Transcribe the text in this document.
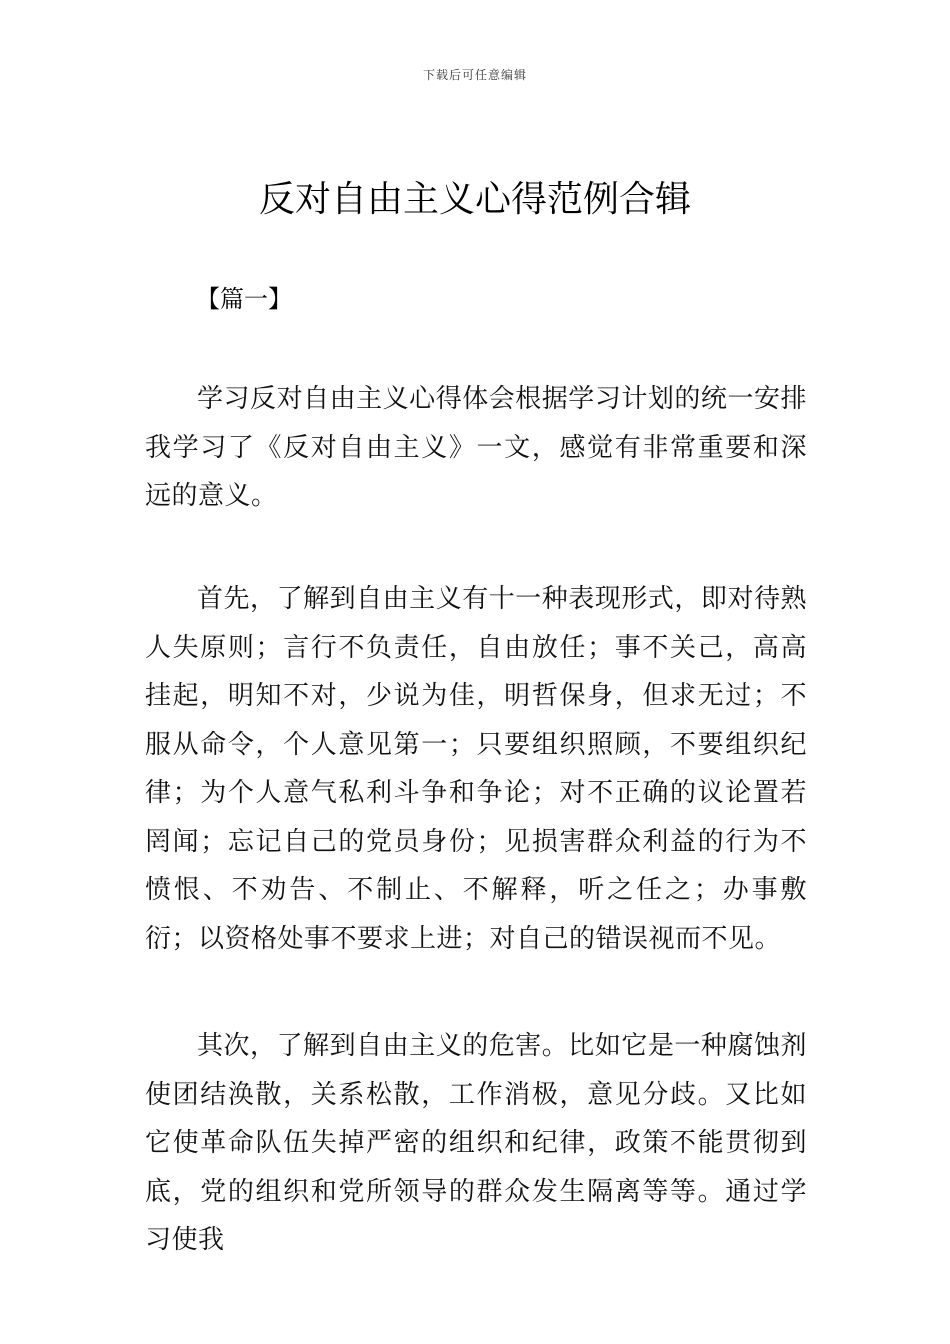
下载后可任意编辑
反对自由主义心得范例合辑

【篇一】

学习反对自由主义心得体会根据学习计划的统一安排我学习了《反对自由主义》一文，感觉有非常重要和深远的意义。

首先，了解到自由主义有十一种表现形式，即对待熟人失原则；言行不负责任，自由放任；事不关己，高高挂起，明知不对，少说为佳，明哲保身，但求无过；不服从命令，个人意见第一；只要组织照顾，不要组织纪律；为个人意气私利斗争和争论；对不正确的议论置若罔闻；忘记自己的党员身份；见损害群众利益的行为不愤恨、不劝告、不制止、不解释，听之任之；办事敷衍；以资格处事不要求上进；对自己的错误视而不见。

其次，了解到自由主义的危害。比如它是一种腐蚀剂使团结涣散，关系松散，工作消极，意见分歧。又比如它使革命队伍失掉严密的组织和纪律，政策不能贯彻到底，党的组织和党所领导的群众发生隔离等等。通过学习使我
